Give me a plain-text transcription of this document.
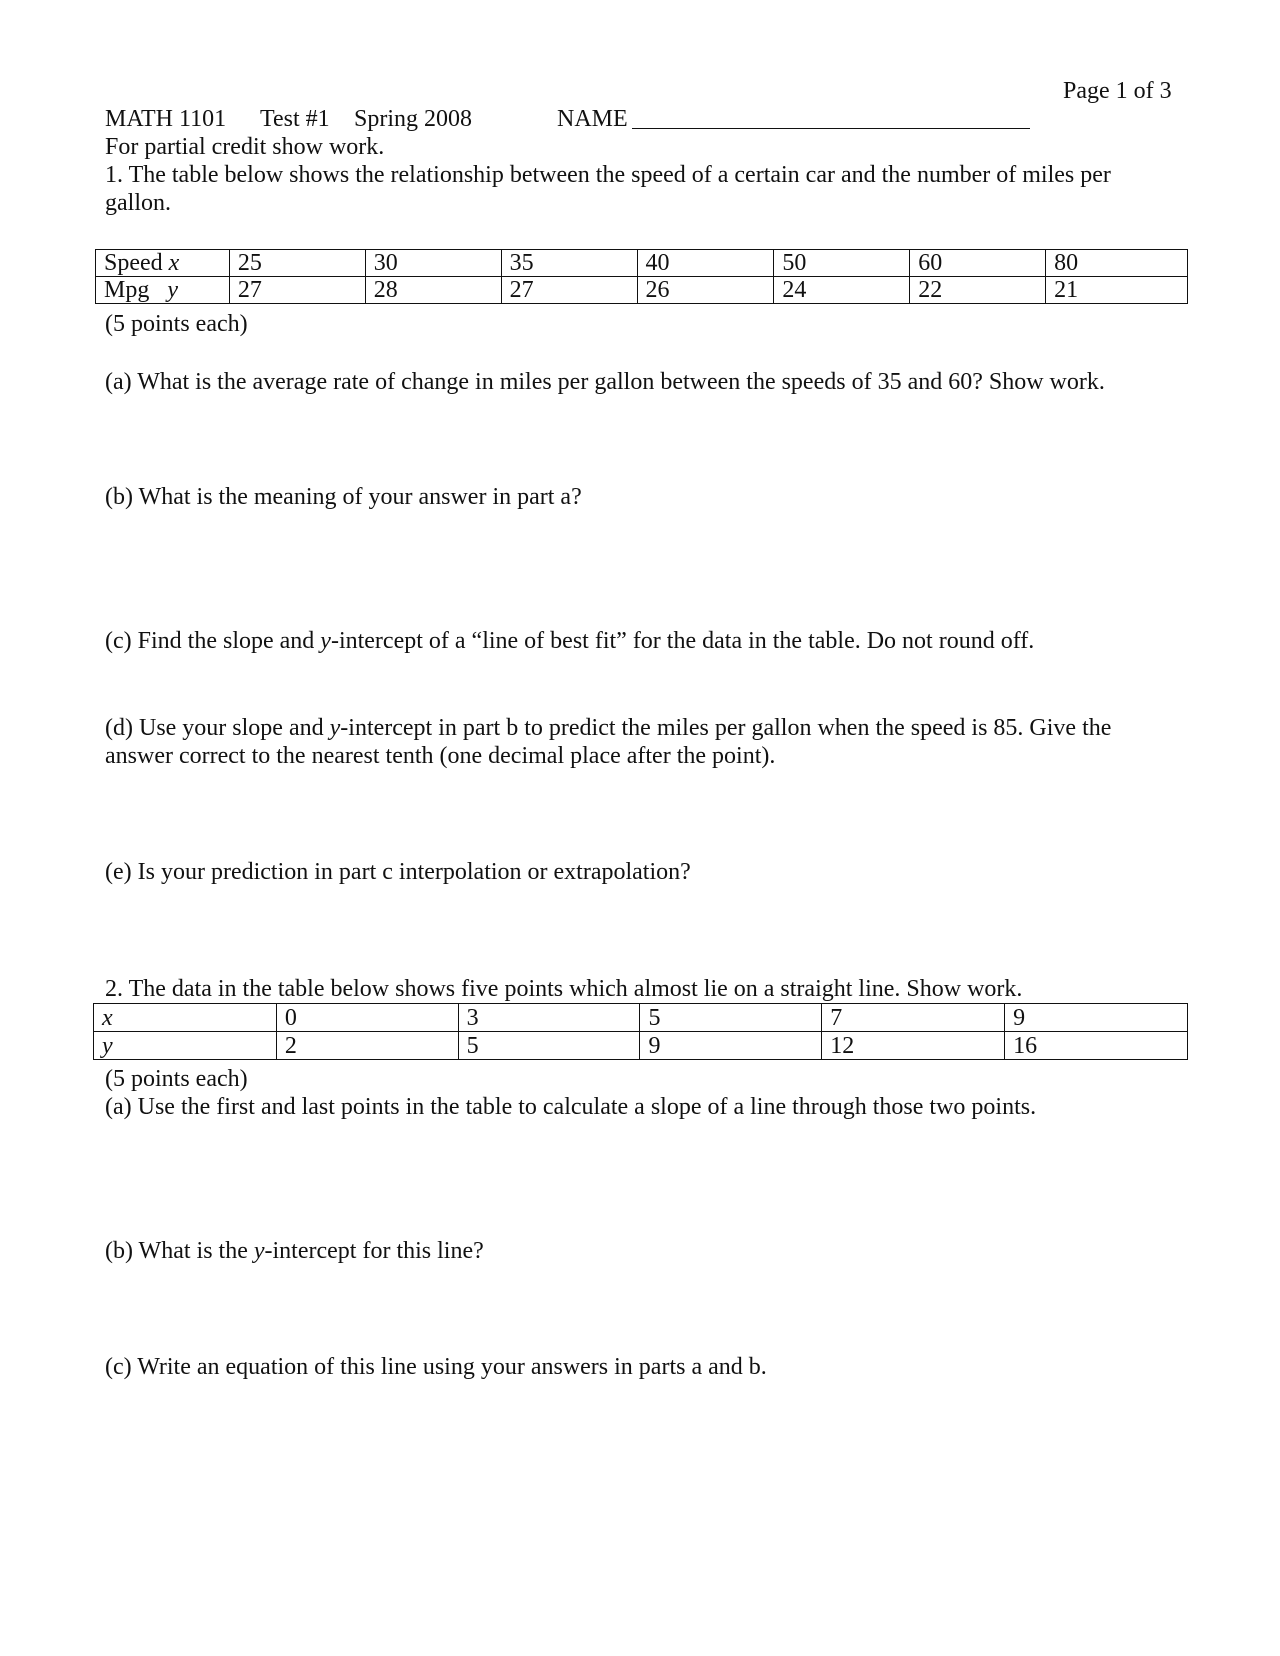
Page 1 of 3
MATH 1101 Test #1 Spring 2008	NAME
For partial credit show work.
1. The table below shows the relationship between the speed of a certain car and the number of miles per
gallon.
Speed x	25	30	35	40	50	60	80
Mpg y	27	28	27	26	24	22	21
(5 points each)
(a) What is the average rate of change in miles per gallon between the speeds of 35 and 60? Show work.
(b) What is the meaning of your answer in part a?
(c) Find the slope and y-intercept of a “line of best fit” for the data in the table. Do not round off.
(d) Use your slope and y-intercept in part b to predict the miles per gallon when the speed is 85. Give the
answer correct to the nearest tenth (one decimal place after the point).
(e) Is your prediction in part c interpolation or extrapolation?
2. The data in the table below shows five points which almost lie on a straight line. Show work.
x	0	3	5	7	9
y	2	5	9	12	16
(5 points each)
(a) Use the first and last points in the table to calculate a slope of a line through those two points.
(b) What is the y-intercept for this line?
(c) Write an equation of this line using your answers in parts a and b.
